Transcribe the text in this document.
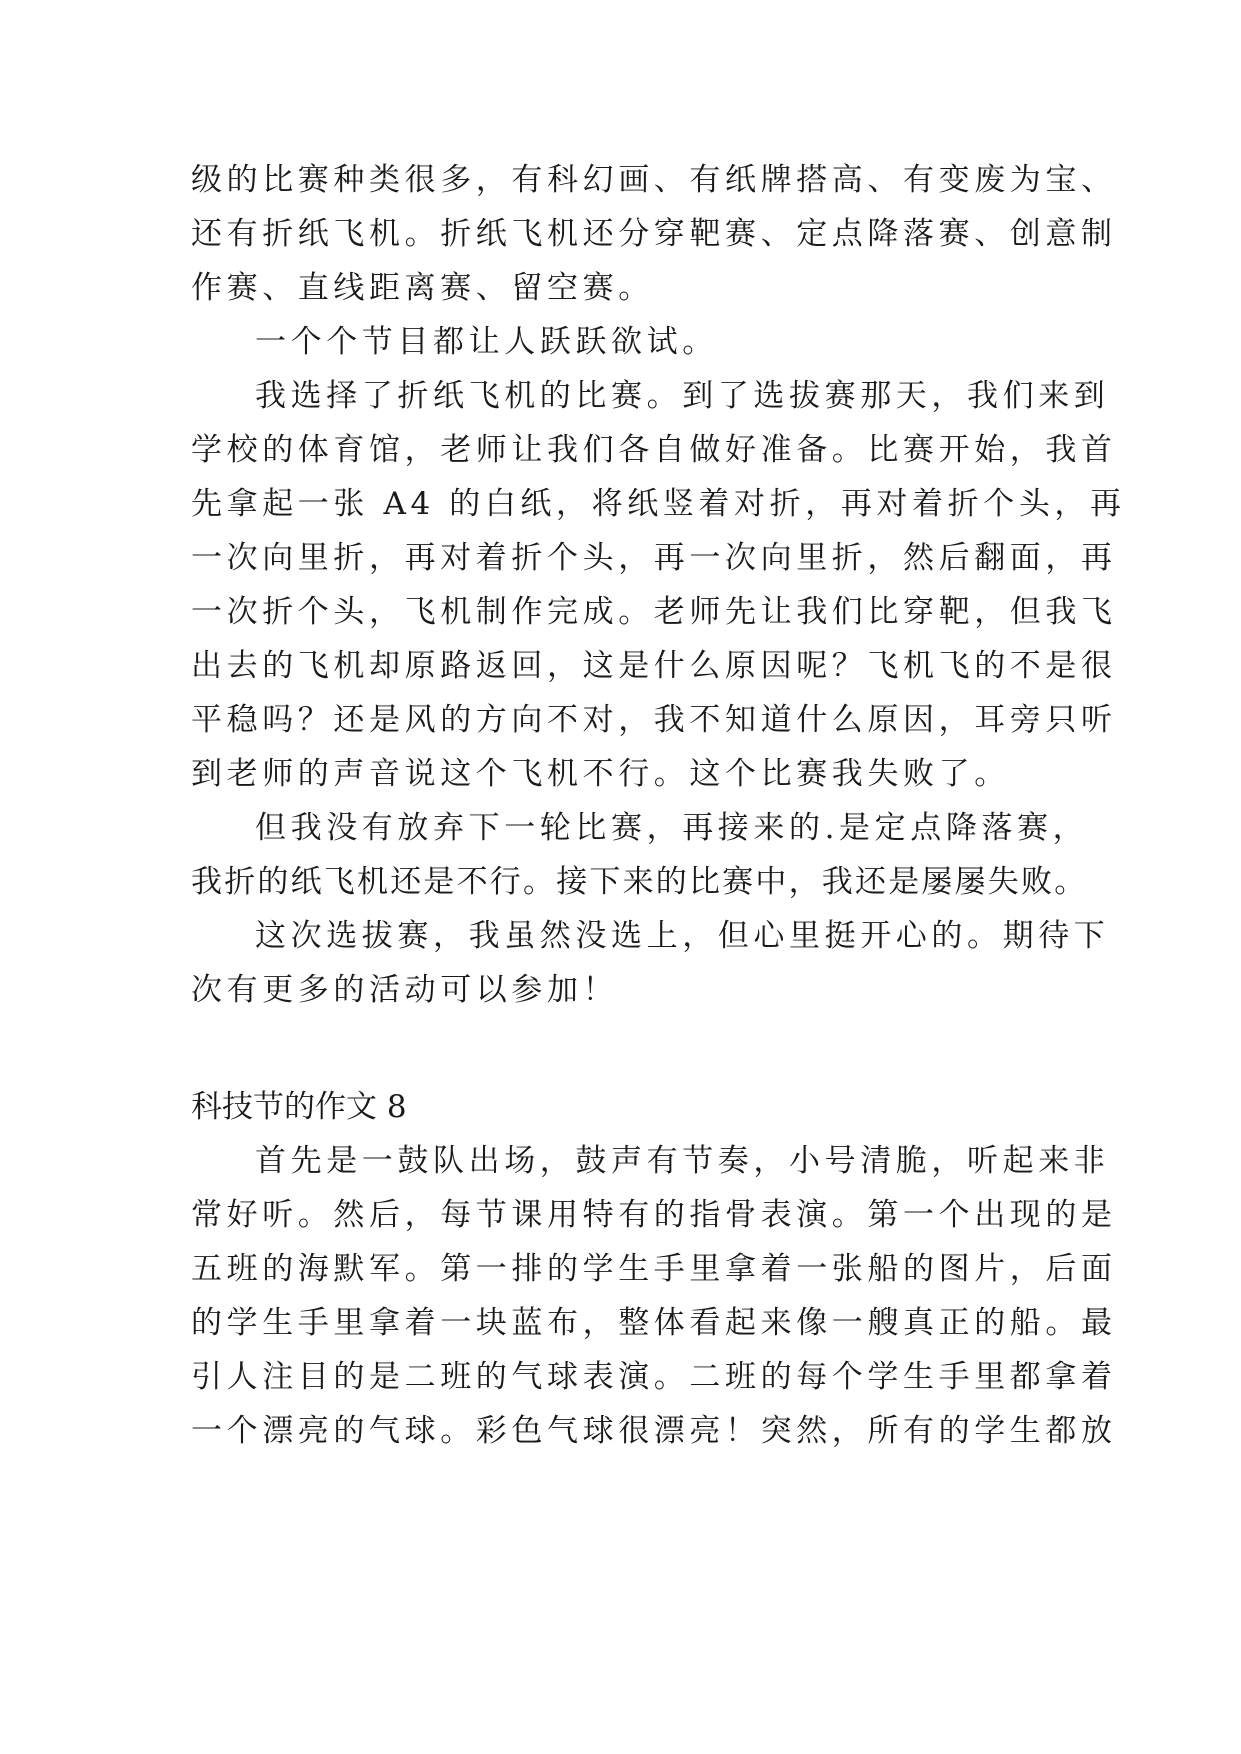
级的比赛种类很多，有科幻画、有纸牌搭高、有变废为宝、
还有折纸飞机。折纸飞机还分穿靶赛、定点降落赛、创意制
作赛、直线距离赛、留空赛。
一个个节目都让人跃跃欲试。
我选择了折纸飞机的比赛。到了选拔赛那天，我们来到
学校的体育馆，老师让我们各自做好准备。比赛开始，我首
先拿起一张 A4 的白纸，将纸竖着对折，再对着折个头，再
一次向里折，再对着折个头，再一次向里折，然后翻面，再
一次折个头，飞机制作完成。老师先让我们比穿靶，但我飞
出去的飞机却原路返回，这是什么原因呢？飞机飞的不是很
平稳吗？还是风的方向不对，我不知道什么原因，耳旁只听
到老师的声音说这个飞机不行。这个比赛我失败了。
但我没有放弃下一轮比赛，再接来的.是定点降落赛，
我折的纸飞机还是不行。接下来的比赛中，我还是屡屡失败。
这次选拔赛，我虽然没选上，但心里挺开心的。期待下
次有更多的活动可以参加！
科技节的作文 8
首先是一鼓队出场，鼓声有节奏，小号清脆，听起来非
常好听。然后，每节课用特有的指骨表演。第一个出现的是
五班的海默军。第一排的学生手里拿着一张船的图片，后面
的学生手里拿着一块蓝布，整体看起来像一艘真正的船。最
引人注目的是二班的气球表演。二班的每个学生手里都拿着
一个漂亮的气球。彩色气球很漂亮！突然，所有的学生都放
